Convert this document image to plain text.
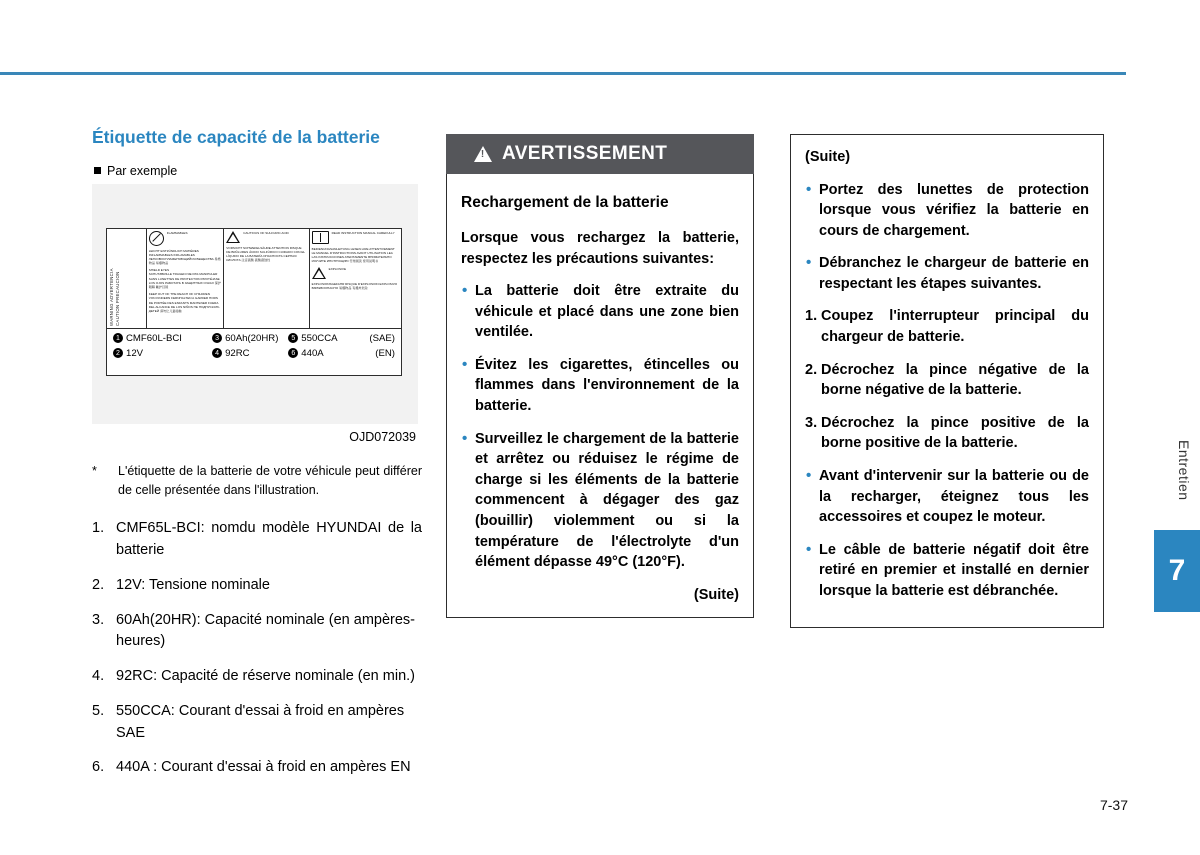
Étiquette de capacité de la batterie
Par exemple
WARNING ADVERTENCIA CAUTION PRECAUCION
FLAMMABLES
LEICHT ENTZÜNDLICH MATIÈRES INFLAMMABLES INFLAMABLES ЛЕГКОВОСПЛАМЕНЯЮЩИЙСЯ ВЕЩЕСТВА 易燃物品 易爆物品
SHIELD EYES
SCHUTZBRILLE TRAGEN NIE PAS MANIPULER SANS LUNETTES DE PROTECTION PROTÉJASE LOS OJOS РАБОТАТЬ В ЗАЩИТНЫХ ОЧКАХ 保护眼睛 戴护目镜
KEEP OUT OF THE REACH OF CHILDREN
VON KINDERN FERNHALTEN A GARDER HORS DE PORTÉE DES ENFANTS MANTENER FUERA DEL ALCANCE DE LOS NIÑOS НЕ ПОДПУСКАТЬ ДЕТЕЙ 请勿让儿童接触
CAUTIOUS OF SULFURIC ACID
VORSICHT SCHWEFELSÄURE ATTENTION RISQUE DE BRÛLURES ÁCIDO SULFÚRICO CUIDADO CON EL LÍQUIDO DE LA BATERÍA ОПАСНОСТЬ СЕРНАЯ КИСЛОТА 注意硫酸 硫酸腐蚀性
READ INSTRUCTION MANUAL CAREFULLY
BEDIENUNGSANLEITUNG LESEN LIRE ATTENTIVEMENT LE MANUEL D'INSTRUCTIONS AVANT UTILISATION LEA LAS INSTRUCCIONES ATENTAMENTE ВНИМАТЕЛЬНО ИЗУЧИТЕ ИНСТРУКЦИЮ 仔细阅读 使用说明书
EXPLOSIVE
EXPLOSIONSGEFAHR RISQUE D'EXPLOSION EXPLOSIVO ВЗРЫВООПАСНО 易爆物品 有爆炸危险
1 CMF60L-BCI	3 60Ah(20HR)	5 550CCA	(SAE)
2 12V	4 92RC	6 440A	(EN)
OJD072039
*	L'étiquette de la batterie de votre véhicule peut différer de celle présentée dans l'illustration.
1. CMF65L-BCI: nomdu modèle HYUNDAI de la batterie
2. 12V: Tensione nominale
3. 60Ah(20HR): Capacité nominale (en ampères-heures)
4. 92RC: Capacité de réserve nominale (en min.)
5. 550CCA: Courant d'essai à froid en ampères SAE
6. 440A : Courant d'essai à froid en ampères EN
!
AVERTISSEMENT
Rechargement de la batterie

Lorsque vous rechargez la batterie, respectez les précautions suivantes:

• La batterie doit être extraite du véhicule et placé dans une zone bien ventilée.
• Évitez les cigarettes, étincelles ou flammes dans l'environnement de la batterie.
• Surveillez le chargement de la batterie et arrêtez ou réduisez le régime de charge si les éléments de la batterie commencent à dégager des gaz (bouillir) violemment ou si la température de l'électrolyte d'un élément dépasse 49°C (120°F).
(Suite)
(Suite)
• Portez des lunettes de protection lorsque vous vérifiez la batterie en cours de chargement.
• Débranchez le chargeur de batterie en respectant les étapes suivantes.
1. Coupez l'interrupteur principal du chargeur de batterie.
2. Décrochez la pince négative de la borne négative de la batterie.
3. Décrochez la pince positive de la borne positive de la batterie.
• Avant d'intervenir sur la batterie ou de la recharger, éteignez tous les accessoires et coupez le moteur.
• Le câble de batterie négatif doit être retiré en premier et installé en dernier lorsque la batterie est débranchée.
Entretien
7
7-37
